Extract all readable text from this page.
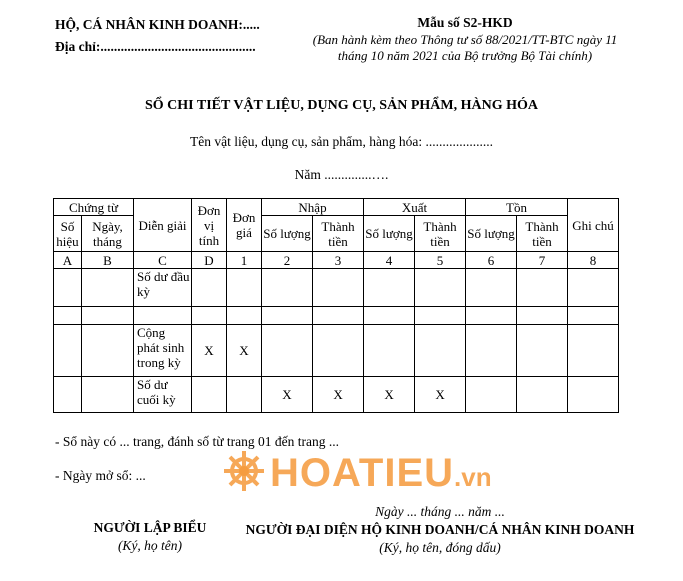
HỘ, CÁ NHÂN KINH DOANH:.....
Địa chỉ:..............................................
Mẫu số S2-HKD
(Ban hành kèm theo Thông tư số 88/2021/TT-BTC ngày 11 tháng 10 năm 2021 của Bộ trưởng Bộ Tài chính)
SỔ CHI TIẾT VẬT LIỆU, DỤNG CỤ, SẢN PHẨM, HÀNG HÓA
Tên vật liệu, dụng cụ, sản phẩm, hàng hóa: ....................
Năm ..............….
Chứng từ		Diễn giải	Đơn vị tính	Đơn giá	Nhập		Xuất		Tồn		Ghi chú
Số hiệu	Ngày, tháng				Số lượng	Thành tiền	Số lượng	Thành tiền	Số lượng	Thành tiền	
A	B	C	D	1	2	3	4	5	6	7	8
		Số dư đầu kỳ									

		Cộng phát sinh trong kỳ	X	X							
		Số dư cuối kỳ			X	X	X	X			
- Sổ này có ... trang, đánh số từ trang 01 đến trang ...
- Ngày mở sổ: ...	HOATIEU.vn
NGƯỜI LẬP BIỂU
(Ký, họ tên)
Ngày ... tháng ... năm ...
NGƯỜI ĐẠI DIỆN HỘ KINH DOANH/CÁ NHÂN KINH DOANH
(Ký, họ tên, đóng dấu)
